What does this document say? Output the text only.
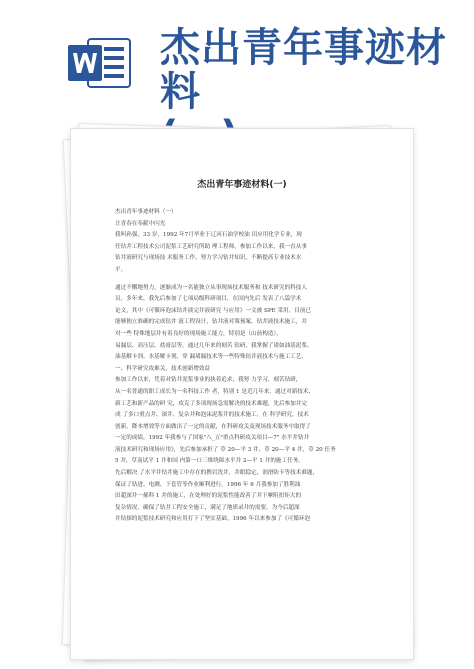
杰出青年事迹材料
杰出青年事迹材料(一)

杰出青年事迹材料（一）

让青春在奉献中闪光

我叫孙强，33 岁，1992 年7月毕业于辽河石油学校油 田应用化学专业，现

任钻井工程技术公司泥浆工艺研究所助 理工程师，参加工作以来，我一直从事

钻井液研究与现场技 术服务工作，努力学习钻井知识，不断提高专业技术水

平。

通过不懈地努力，逐渐成为一名能独立从事现场技术服务和 技术研究的科技人

员。多年来，我先后参加了七项局级科研项目，在国内先后 发表了八篇学术

论文，其中《可循环泡沫钻井液完井液研究 与应用》一文被 SPE 采用，目前已

能够独立准确的完成钻井 液工程设计，钻井液对策预案，钻井液技术施工，并

对一些 特殊地层井有着良好的现场施工能力，特别是（山前构造），

易漏层、高压层、盐膏层等。通过几年来的刻苦 钻研，我掌握了诸如油基泥浆、

油基解卡剂、水基解卡剂、穿 漏堵漏技术等一些特殊钻井液技术与施工工艺。

一、科学研究攻难关，技术创新增效益

参加工作以来，凭着对钻井泥浆事业的执着追求，我努 力学习，刻苦钻研，

从一名普通的职工成长为一名科技工作 者，特别 1 是近几年来，通过对新技术、

新工艺和新产品的研 究，攻克了多项现场急需解决的技术难题，先后参加并完

成 了多口重点井、深井、复杂井和泡沫泥浆井的技术施工，在 科学研究，技术

创新，降本增效等方面做出了一定的贡献，在科研攻关及现场技术服务中取得了

一定的成绩。1992 年我参与了国家"八_五"重点科研攻关项目—7" 水平井钻井

液技术研究和现场应用》，先后参加承担了 草 20—平 3 井，草 20—平 4 井，草 20 任务

5 井，草南试平 1 井和国 内第一口三维绕障水平井 2—平 1 井的施工任务。

先后解决 了水平井钻井施工中存在的携岩洗井，井眼稳定，润滑防卡等技术难题，

保证了钻进、电测、下套管等作业顺利进行。1996 年 6 月我参加了胜利油

田超深井一郝科 1 井的施工，在处理好的泥浆性能改善了井下摩阻扭矩大的

复杂情况，确保了钻井工程安全施工，满足了地质录井的需要。为今后超深

井钻探的泥浆技术研究和应用打下了坚实基础。1996 年以来参加了《可循环泡
